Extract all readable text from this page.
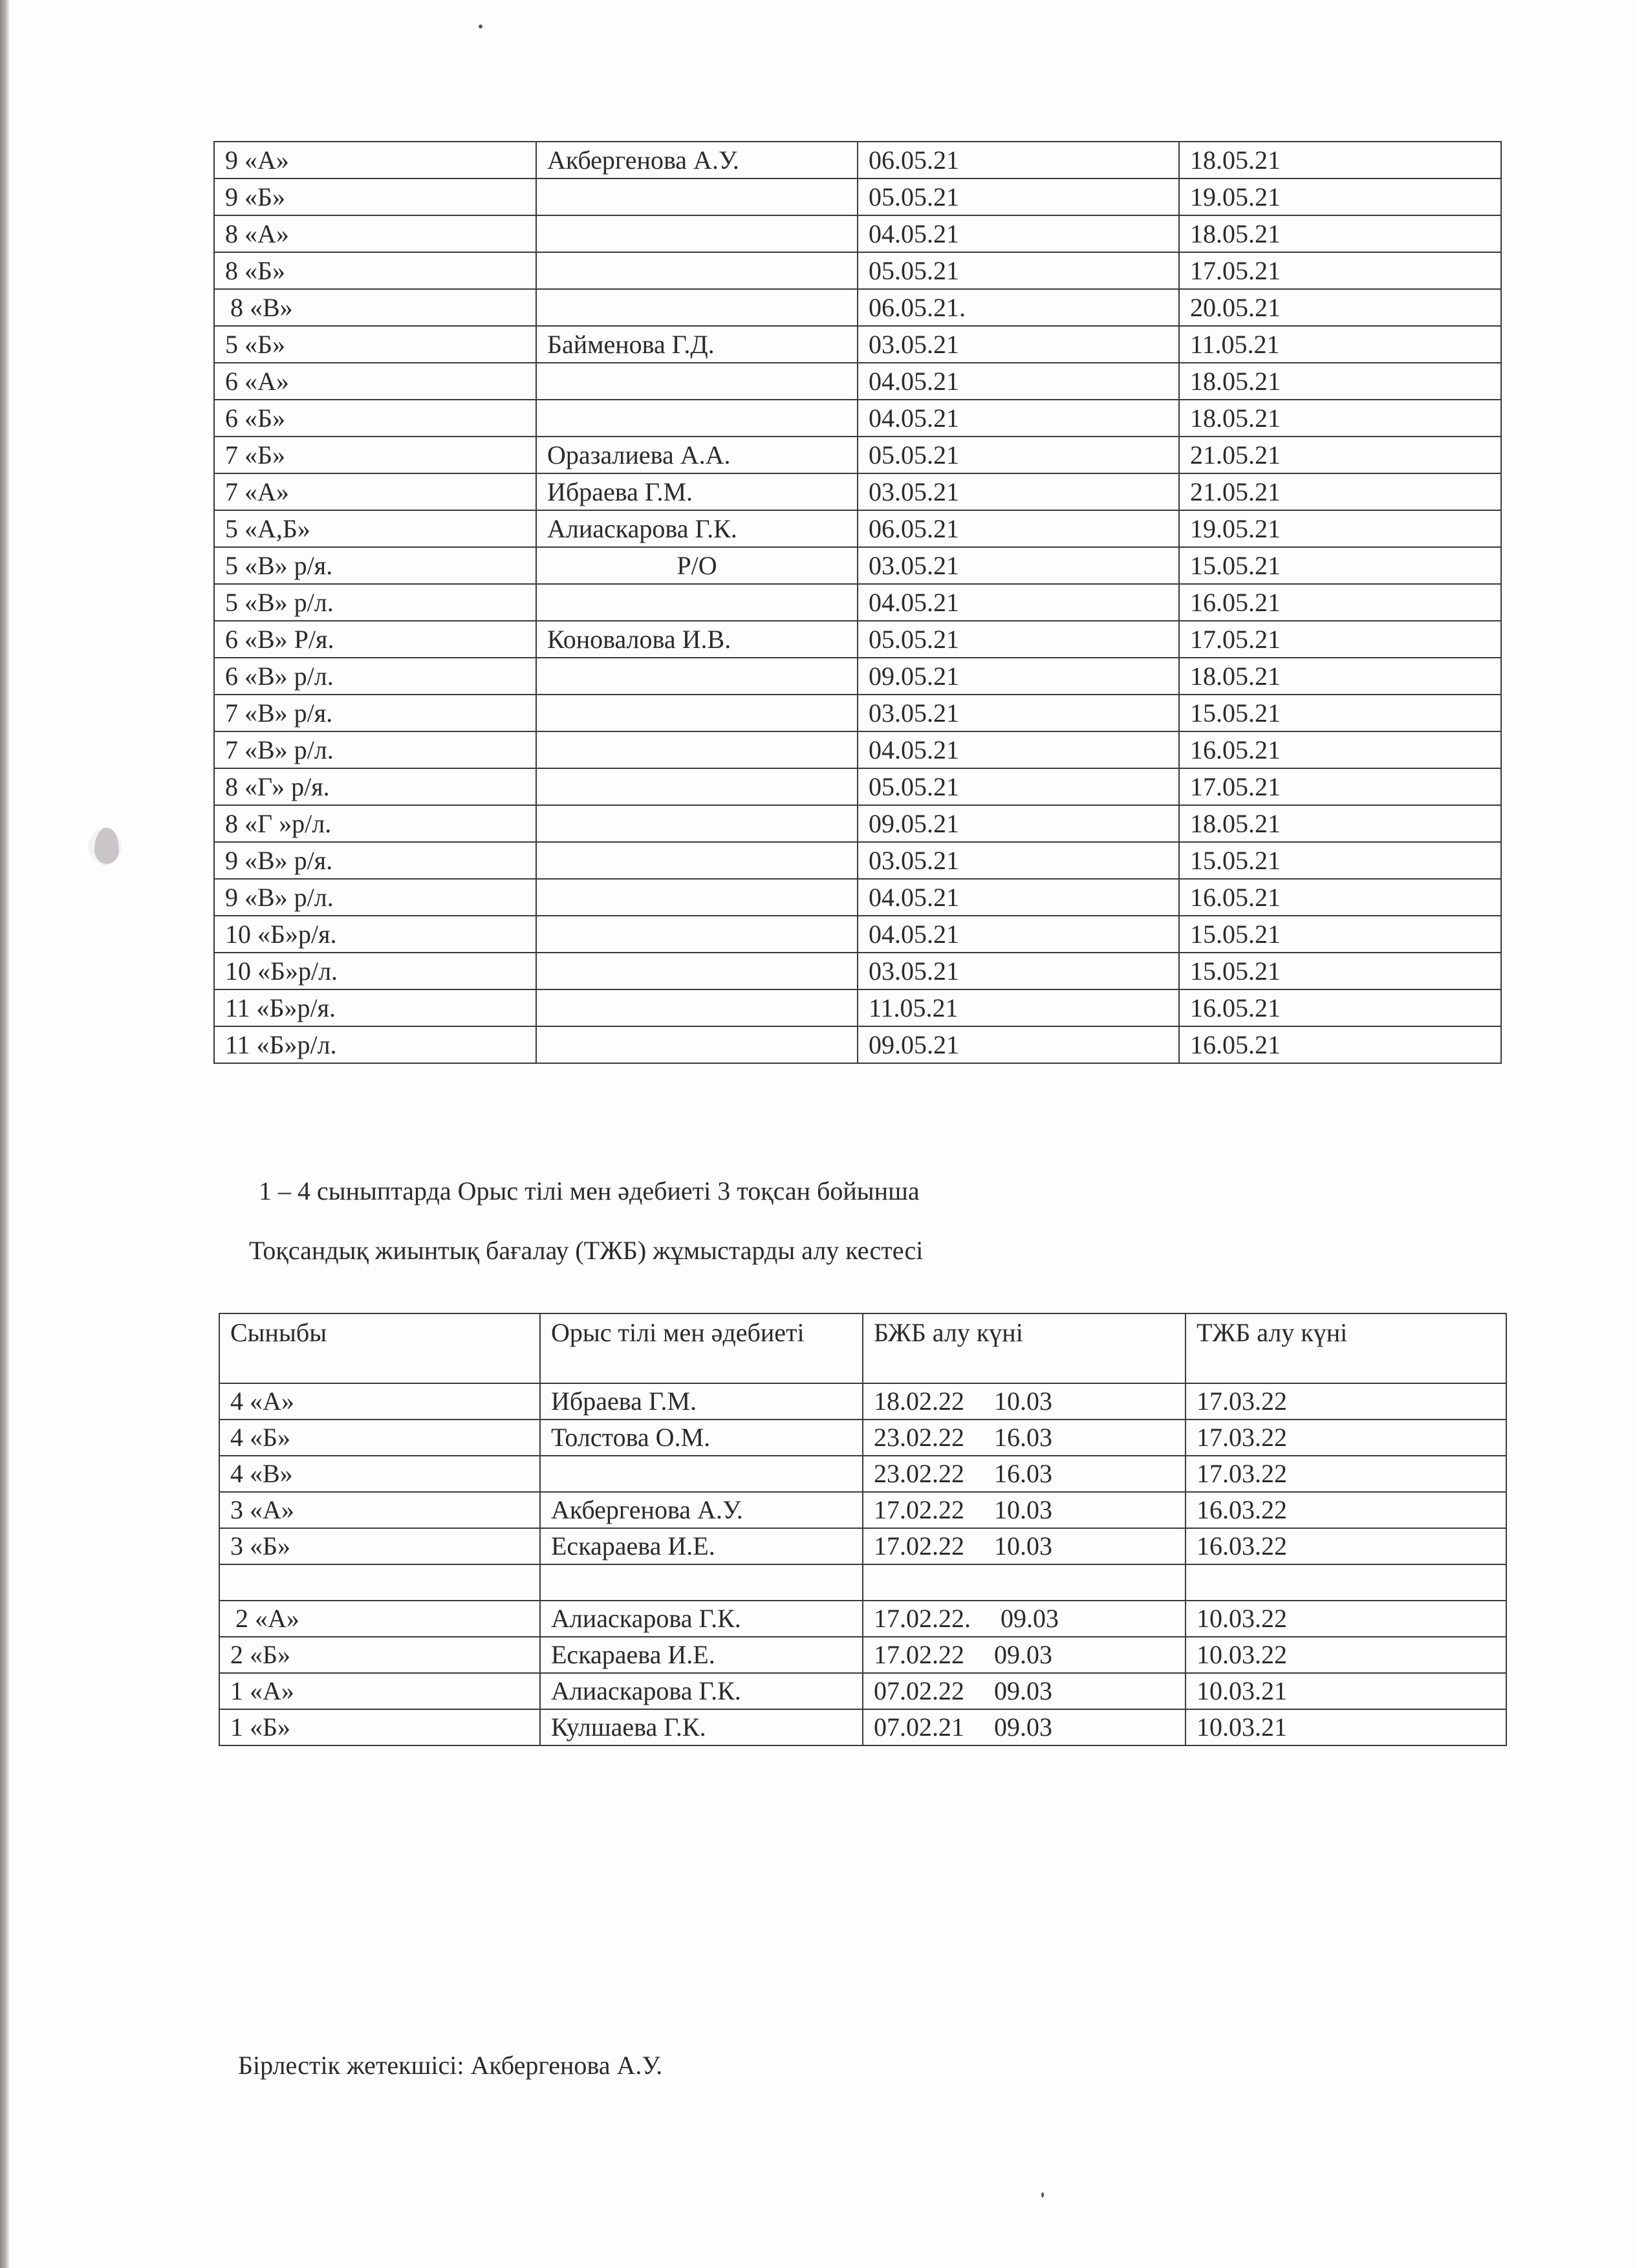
9 «А»	Акбергенова А.У.	06.05.21	18.05.21
9 «Б»		05.05.21	19.05.21
8 «А»		04.05.21	18.05.21
8 «Б»		05.05.21	17.05.21
8 «В»		06.05.21.	20.05.21
5 «Б»	Байменова Г.Д.	03.05.21	11.05.21
6 «А»		04.05.21	18.05.21
6 «Б»		04.05.21	18.05.21
7 «Б»	Оразалиева А.А.	05.05.21	21.05.21
7 «А»	Ибраева Г.М.	03.05.21	21.05.21
5 «А,Б»	Алиаскарова Г.К.	06.05.21	19.05.21
5 «В» р/я.	Р/О	03.05.21	15.05.21
5 «В» р/л.		04.05.21	16.05.21
6 «В» Р/я.	Коновалова И.В.	05.05.21	17.05.21
6 «В» р/л.		09.05.21	18.05.21
7 «В» р/я.		03.05.21	15.05.21
7 «В» р/л.		04.05.21	16.05.21
8 «Г» р/я.		05.05.21	17.05.21
8 «Г »р/л.		09.05.21	18.05.21
9 «В» р/я.		03.05.21	15.05.21
9 «В» р/л.		04.05.21	16.05.21
10 «Б»р/я.		04.05.21	15.05.21
10 «Б»р/л.		03.05.21	15.05.21
11 «Б»р/я.		11.05.21	16.05.21
11 «Б»р/л.		09.05.21	16.05.21
1 – 4 сыныптарда Орыс тілі мен әдебиеті 3 тоқсан бойынша
Тоқсандық жиынтық бағалау (ТЖБ) жұмыстарды алу кестесі
Сыныбы	Орыс тілі мен әдебиеті	БЖБ алу күні	ТЖБ алу күні
4 «А»	Ибраева Г.М.	18.02.22 10.03	17.03.22
4 «Б»	Толстова О.М.	23.02.22 16.03	17.03.22
4 «В»		23.02.22 16.03	17.03.22
3 «А»	Акбергенова А.У.	17.02.22 10.03	16.03.22
3 «Б»	Ескараева И.Е.	17.02.22 10.03	16.03.22

2 «А»	Алиаскарова Г.К.	17.02.22. 09.03	10.03.22
2 «Б»	Ескараева И.Е.	17.02.22 09.03	10.03.22
1 «А»	Алиаскарова Г.К.	07.02.22 09.03	10.03.21
1 «Б»	Кулшаева Г.К.	07.02.21 09.03	10.03.21
Бірлестік жетекшісі: Акбергенова А.У.
